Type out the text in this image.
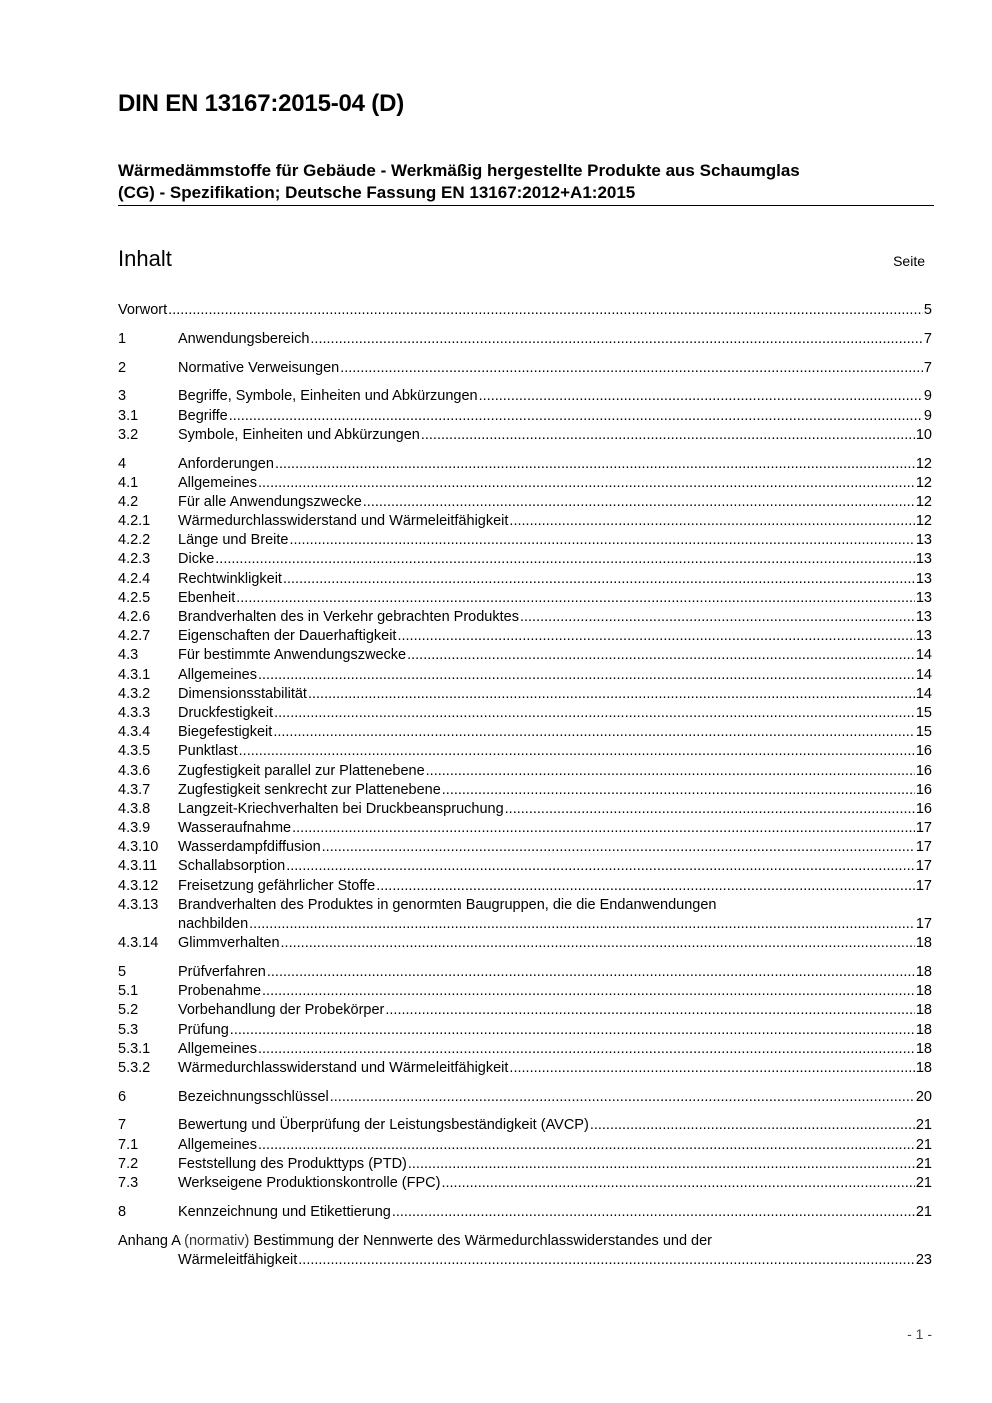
DIN EN 13167:2015-04 (D)
Wärmedämmstoffe für Gebäude - Werkmäßig hergestellte Produkte aus Schaumglas
(CG) - Spezifikation; Deutsche Fassung EN 13167:2012+A1:2015
Inhalt	Seite
Vorwort .....	5
1	Anwendungsbereich .....	7
2	Normative Verweisungen .....	7
3	Begriffe, Symbole, Einheiten und Abkürzungen .....	9
3.1	Begriffe .....	9
3.2	Symbole, Einheiten und Abkürzungen .....	10
4	Anforderungen .....	12
4.1	Allgemeines .....	12
4.2	Für alle Anwendungszwecke .....	12
4.2.1	Wärmedurchlasswiderstand und Wärmeleitfähigkeit .....	12
4.2.2	Länge und Breite .....	13
4.2.3	Dicke .....	13
4.2.4	Rechtwinkligkeit .....	13
4.2.5	Ebenheit .....	13
4.2.6	Brandverhalten des in Verkehr gebrachten Produktes .....	13
4.2.7	Eigenschaften der Dauerhaftigkeit .....	13
4.3	Für bestimmte Anwendungszwecke .....	14
4.3.1	Allgemeines .....	14
4.3.2	Dimensionsstabilität .....	14
4.3.3	Druckfestigkeit .....	15
4.3.4	Biegefestigkeit .....	15
4.3.5	Punktlast .....	16
4.3.6	Zugfestigkeit parallel zur Plattenebene .....	16
4.3.7	Zugfestigkeit senkrecht zur Plattenebene .....	16
4.3.8	Langzeit-Kriechverhalten bei Druckbeanspruchung .....	16
4.3.9	Wasseraufnahme .....	17
4.3.10	Wasserdampfdiffusion .....	17
4.3.11	Schallabsorption .....	17
4.3.12	Freisetzung gefährlicher Stoffe .....	17
4.3.13	Brandverhalten des Produktes in genormten Baugruppen, die die Endanwendungen
nachbilden .....	17
4.3.14	Glimmverhalten .....	18
5	Prüfverfahren .....	18
5.1	Probenahme .....	18
5.2	Vorbehandlung der Probekörper .....	18
5.3	Prüfung .....	18
5.3.1	Allgemeines .....	18
5.3.2	Wärmedurchlasswiderstand und Wärmeleitfähigkeit .....	18
6	Bezeichnungsschlüssel .....	20
7	Bewertung und Überprüfung der Leistungsbeständigkeit (AVCP) .....	21
7.1	Allgemeines .....	21
7.2	Feststellung des Produkttyps (PTD) .....	21
7.3	Werkseigene Produktionskontrolle (FPC) .....	21
8	Kennzeichnung und Etikettierung .....	21
Anhang A (normativ) Bestimmung der Nennwerte des Wärmedurchlasswiderstandes und der
Wärmeleitfähigkeit .....	23
- 1 -
